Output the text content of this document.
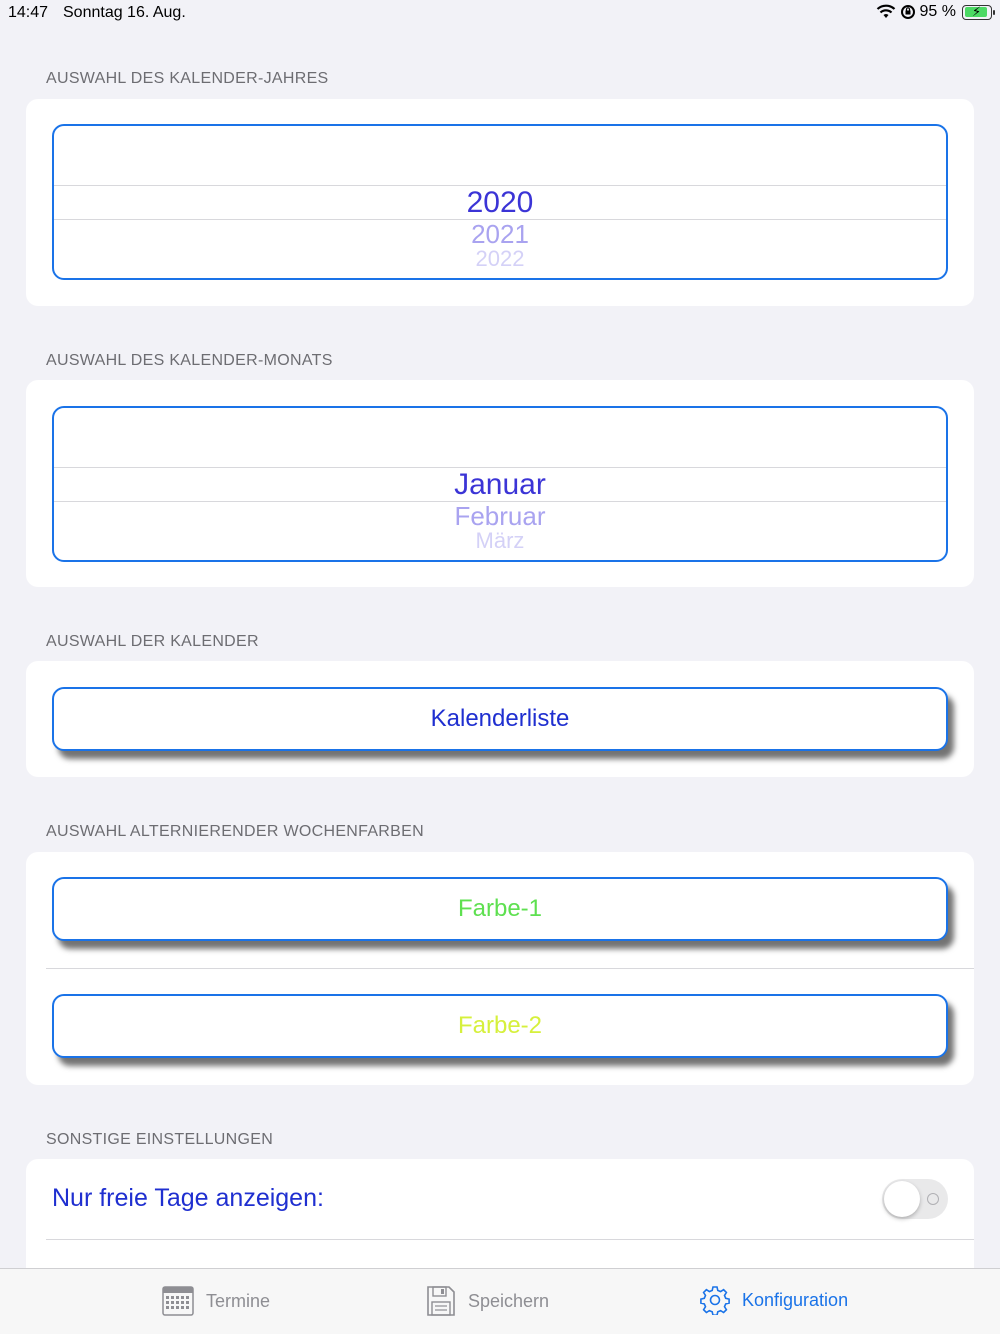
14:47 Sonntag 16. Aug.	95 % ⚡
AUSWAHL DES KALENDER-JAHRES
2020
2021
2022
AUSWAHL DES KALENDER-MONATS
Januar
Februar
März
AUSWAHL DER KALENDER
Kalenderliste
AUSWAHL ALTERNIERENDER WOCHENFARBEN
Farbe-1
Farbe-2
SONSTIGE EINSTELLUNGEN
Nur freie Tage anzeigen:
Termine	Speichern	Konfiguration
